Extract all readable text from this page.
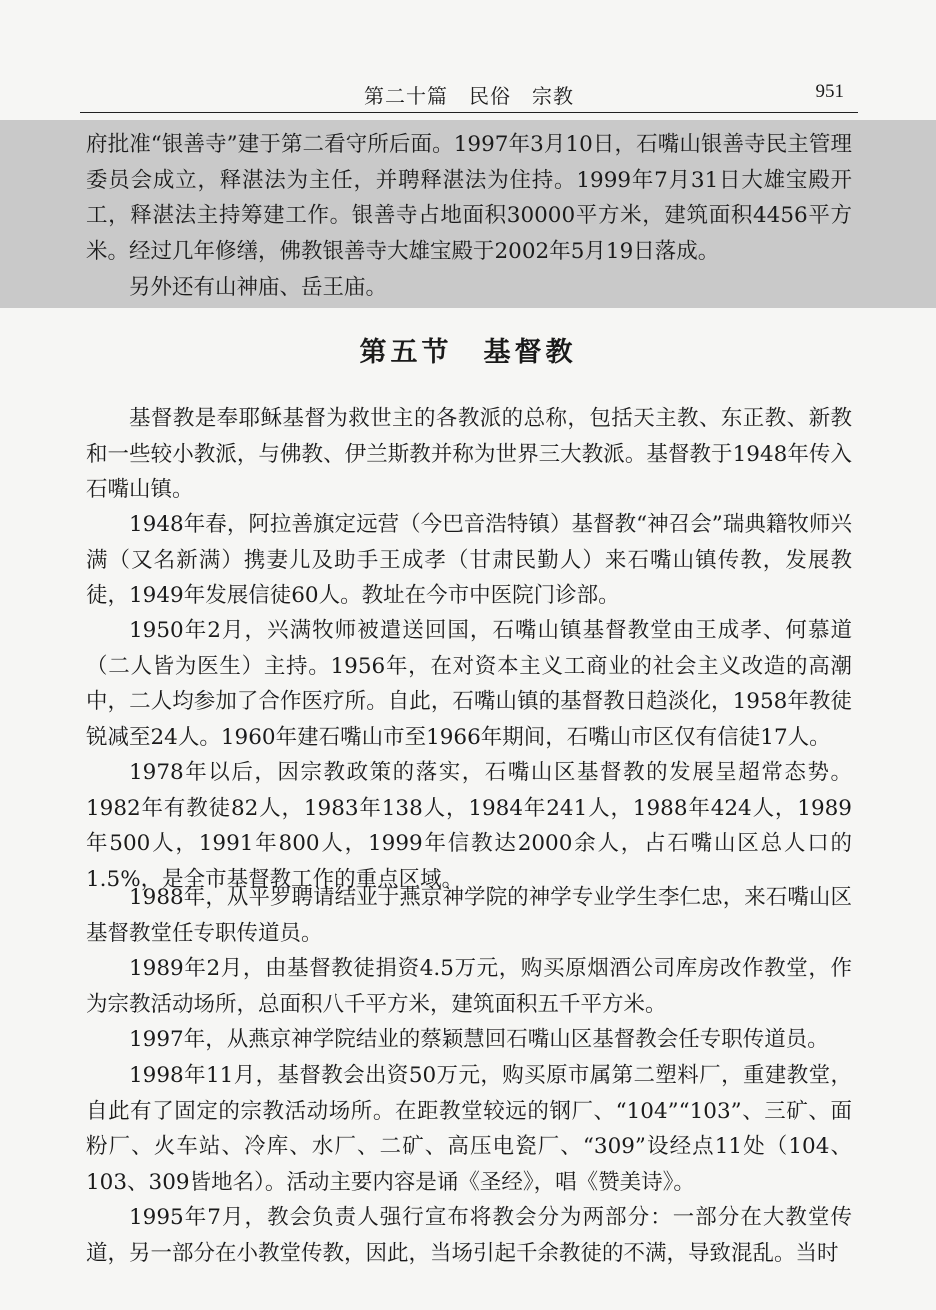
第二十篇　民俗　宗教	951

府批准“银善寺”建于第二看守所后面。1997年3月10日，石嘴山银善寺民主管理委员会成立，释湛法为主任，并聘释湛法为住持。1999年7月31日大雄宝殿开工，释湛法主持筹建工作。银善寺占地面积30000平方米，建筑面积4456平方米。经过几年修缮，佛教银善寺大雄宝殿于2002年5月19日落成。

另外还有山神庙、岳王庙。

第五节　基督教

基督教是奉耶稣基督为救世主的各教派的总称，包括天主教、东正教、新教和一些较小教派，与佛教、伊兰斯教并称为世界三大教派。基督教于1948年传入石嘴山镇。

1948年春，阿拉善旗定远营（今巴音浩特镇）基督教“神召会”瑞典籍牧师兴满（又名新满）携妻儿及助手王成孝（甘肃民勤人）来石嘴山镇传教，发展教徒，1949年发展信徒60人。教址在今市中医院门诊部。

1950年2月，兴满牧师被遣送回国，石嘴山镇基督教堂由王成孝、何慕道（二人皆为医生）主持。1956年，在对资本主义工商业的社会主义改造的高潮中，二人均参加了合作医疗所。自此，石嘴山镇的基督教日趋淡化，1958年教徒锐减至24人。1960年建石嘴山市至1966年期间，石嘴山市区仅有信徒17人。

1978年以后，因宗教政策的落实，石嘴山区基督教的发展呈超常态势。1982年有教徒82人，1983年138人，1984年241人，1988年424人，1989年500人，1991年800人，1999年信教达2000余人，占石嘴山区总人口的1.5%，是全市基督教工作的重点区域。

1988年，从平罗聘请结业于燕京神学院的神学专业学生李仁忠，来石嘴山区基督教堂任专职传道员。

1989年2月，由基督教徒捐资4.5万元，购买原烟酒公司库房改作教堂，作为宗教活动场所，总面积八千平方米，建筑面积五千平方米。

1997年，从燕京神学院结业的蔡颖慧回石嘴山区基督教会任专职传道员。

1998年11月，基督教会出资50万元，购买原市属第二塑料厂，重建教堂，自此有了固定的宗教活动场所。在距教堂较远的钢厂、“104”“103”、三矿、面粉厂、火车站、冷库、水厂、二矿、高压电瓷厂、“309”设经点11处（104、103、309皆地名）。活动主要内容是诵《圣经》，唱《赞美诗》。

1995年7月，教会负责人强行宣布将教会分为两部分：一部分在大教堂传道，另一部分在小教堂传教，因此，当场引起千余教徒的不满，导致混乱。当时
